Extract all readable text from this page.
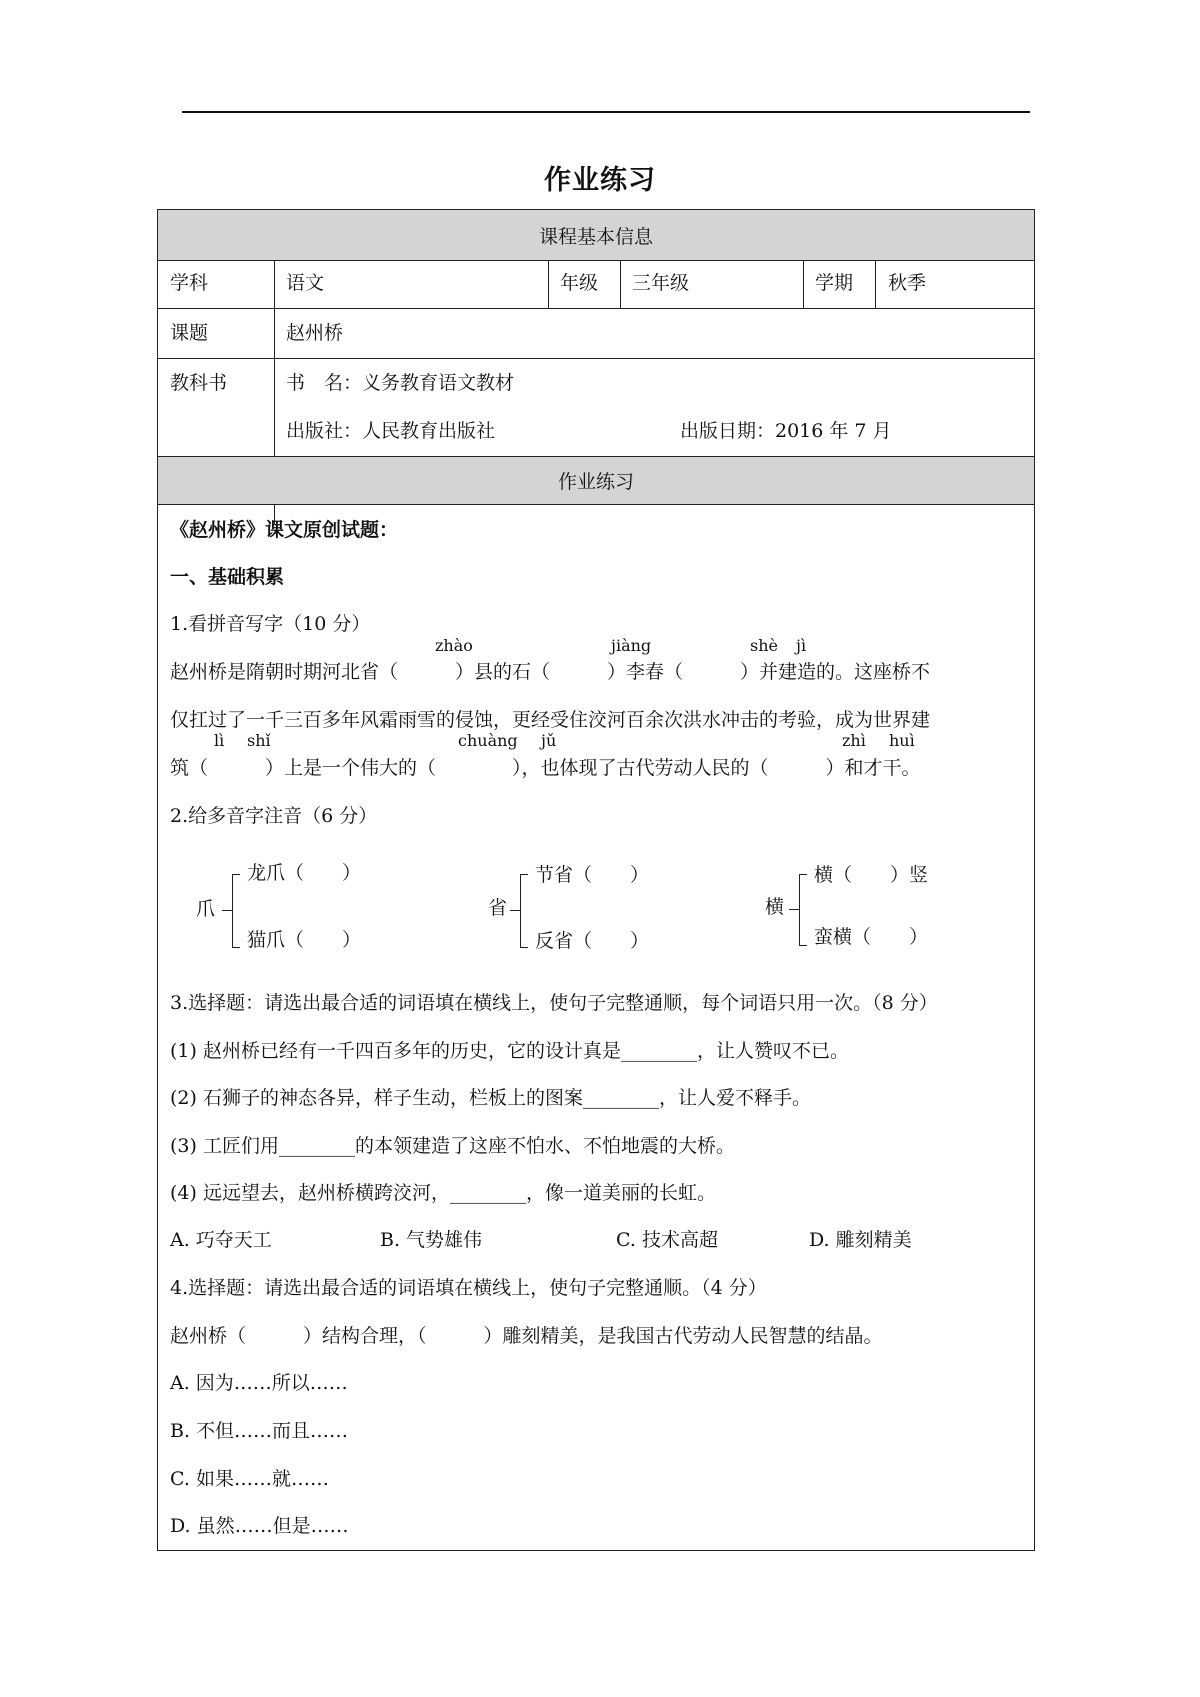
作业练习
课程基本信息
学科	语文	年级 三年级	学期 秋季
课题	赵州桥
教科书	书　名：义务教育语文教材
出版社：人民教育出版社	出版日期：2016 年 7 月
作业练习
《赵州桥》课文原创试题：
一、基础积累
1.看拼音写字（10 分）
zhào	jiàng	shè jì
赵州桥是隋朝时期河北省（　　　）县的石（　　　）李春（　　　）并建造的。这座桥不
仅扛过了一千三百多年风霜雨雪的侵蚀，更经受住洨河百余次洪水冲击的考验，成为世界建
lì shǐ	chuàng jǔ	zhì huì
筑（　　　）上是一个伟大的（　　　　），也体现了古代劳动人民的（　　　）和才干。
2.给多音字注音（6 分）
爪
龙爪（　　）
猫爪（　　）
省
节省（　　）
反省（　　）
横
横（　　）竖
蛮横（　　）
3.选择题：请选出最合适的词语填在横线上，使句子完整通顺，每个词语只用一次。（8 分）
(1) 赵州桥已经有一千四百多年的历史，它的设计真是________，让人赞叹不已。
(2) 石狮子的神态各异，样子生动，栏板上的图案________，让人爱不释手。
(3) 工匠们用________的本领建造了这座不怕水、不怕地震的大桥。
(4) 远远望去，赵州桥横跨洨河，________，像一道美丽的长虹。
A. 巧夺天工	B. 气势雄伟	C. 技术高超	D. 雕刻精美
4.选择题：请选出最合适的词语填在横线上，使句子完整通顺。（4 分）
赵州桥（　　　）结构合理，（　　　）雕刻精美，是我国古代劳动人民智慧的结晶。
A. 因为……所以……
B. 不但……而且……
C. 如果……就……
D. 虽然……但是……
